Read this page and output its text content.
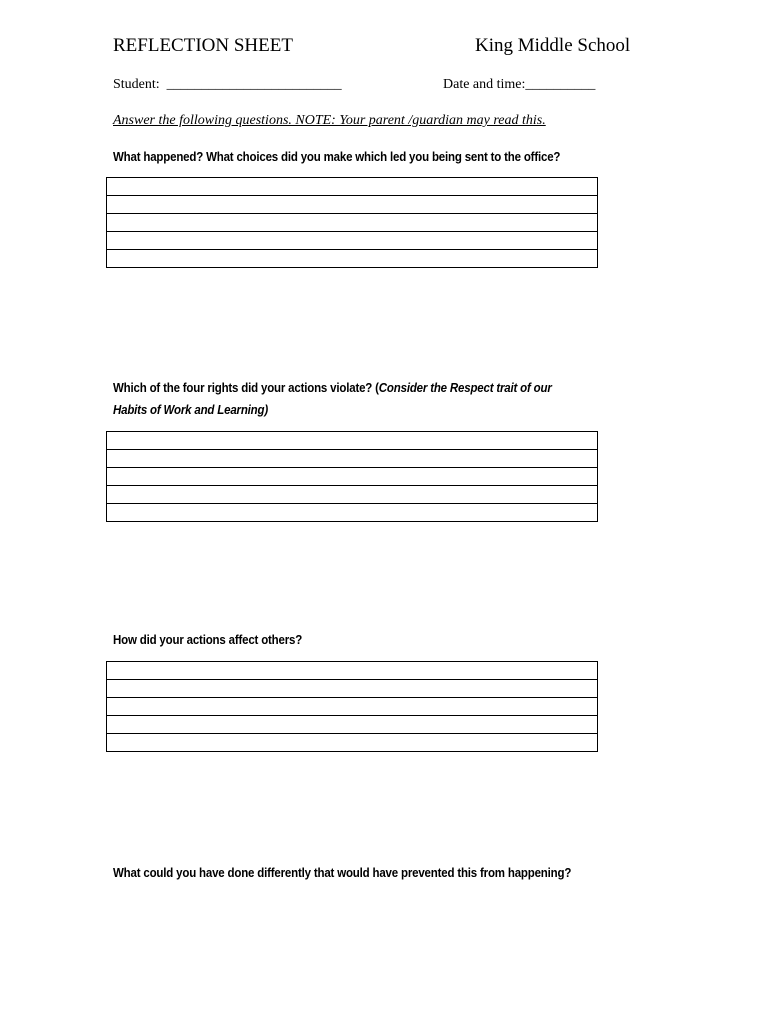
REFLECTION SHEET	King Middle School
Student: _________________________	Date and time:__________
Answer the following questions. NOTE: Your parent /guardian may read this.
What happened? What choices did you make which led you being sent to the office?

Which of the four rights did your actions violate? (Consider the Respect trait of our
Habits of Work and Learning)

How did your actions affect others?

What could you have done differently that would have prevented this from happening?
